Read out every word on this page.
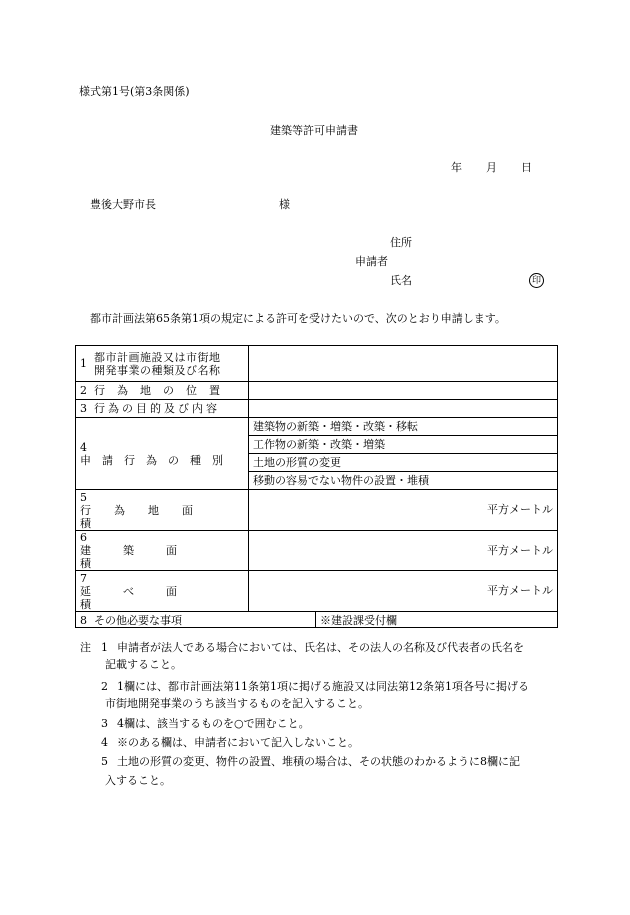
様式第1号(第3条関係)
建築等許可申請書
年 月 日
豊後大野市長	様
住所
申請者
氏名	印
都市計画法第65条第1項の規定による許可を受けたいので、次のとおり申請します。
1 都市計画施設又は市街地
開発事業の種類及び名称		

2 行為地の位置		
3 行為の目的及び内容		
4申請行為の種別	建築物の新築・増築・改築・移転	
	工作物の新築・改築・増築	
	土地の形質の変更	
	移動の容易でない物件の設置・堆積	
5行為地面積	平方メートル	
6建築面積	平方メートル	
7延べ面積	平方メートル	
8 その他必要な事項		※建設課受付欄
注 1 申請者が法人である場合においては、氏名は、その法人の名称及び代表者の氏名を
記載すること。
2 1欄には、都市計画法第11条第1項に掲げる施設又は同法第12条第1項各号に掲げる
市街地開発事業のうち該当するものを記入すること。
3 4欄は、該当するものを○で囲むこと。
4 ※のある欄は、申請者において記入しないこと。
5 土地の形質の変更、物件の設置、堆積の場合は、その状態のわかるように8欄に記
入すること。
